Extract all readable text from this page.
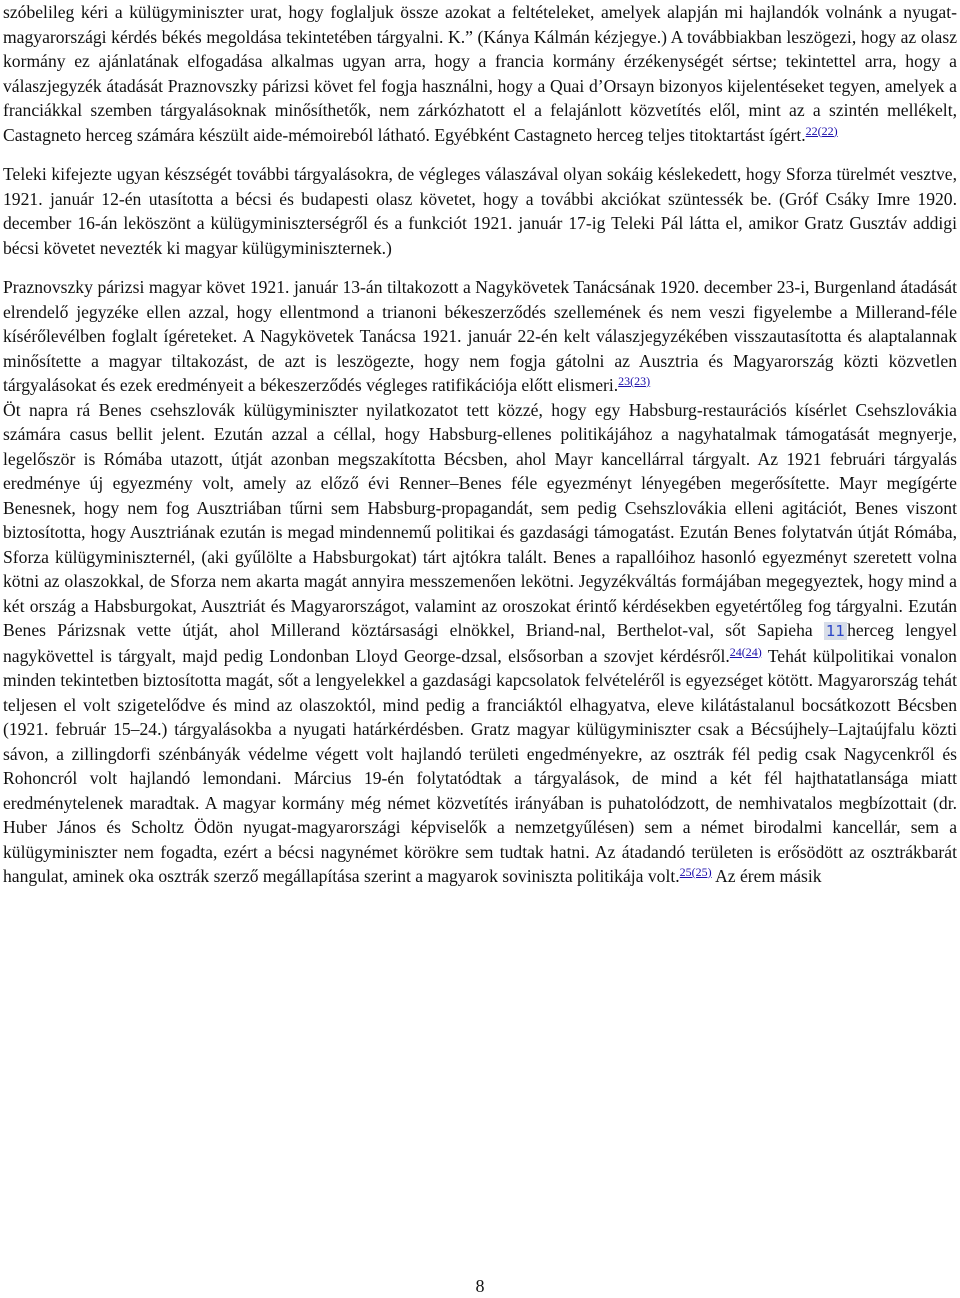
szóbelileg kéri a külügyminiszter urat, hogy foglaljuk össze azokat a feltételeket, amelyek alapján mi hajlandók volnánk a nyugat-magyarországi kérdés békés megoldása tekintetében tárgyalni. K.” (Kánya Kálmán kézjegye.) A továbbiakban leszögezi, hogy az olasz kormány ez ajánlatának elfogadása alkalmas ugyan arra, hogy a francia kormány érzékenységét sértse; tekintettel arra, hogy a válaszjegyzék átadását Praznovszky párizsi követ fel fogja használni, hogy a Quai d’Orsayn bizonyos kijelentéseket tegyen, amelyek a franciákkal szemben tárgyalásoknak minősíthetők, nem zárkózhatott el a felajánlott közvetítés elől, mint az a szintén mellékelt, Castagneto herceg számára készült aide-mémoireból látható. Egyébként Castagneto herceg teljes titoktartást ígért.$^{22(22)}$

Teleki kifejezte ugyan készségét további tárgyalásokra, de végleges válaszával olyan sokáig késlekedett, hogy Sforza türelmét vesztve, 1921. január 12-én utasította a bécsi és budapesti olasz követet, hogy a további akciókat szüntessék be. (Gróf Csáky Imre 1920. december 16-án leköszönt a külügyminiszterségről és a funkciót 1921. január 17-ig Teleki Pál látta el, amikor Gratz Gusztáv addigi bécsi követet nevezték ki magyar külügyminiszternek.)

Praznovszky párizsi magyar követ 1921. január 13-án tiltakozott a Nagykövetek Tanácsának 1920. december 23-i, Burgenland átadását elrendelő jegyzéke ellen azzal, hogy ellentmond a trianoni békeszerződés szellemének és nem veszi figyelembe a Millerand-féle kísérőlevélben foglalt ígéreteket. A Nagykövetek Tanácsa 1921. január 22-én kelt válaszjegyzékében visszautasította és alaptalannak minősítette a magyar tiltakozást, de azt is leszögezte, hogy nem fogja gátolni az Ausztria és Magyarország közti közvetlen tárgyalásokat és ezek eredményeit a békeszerződés végleges ratifikációja előtt elismeri.$^{23(23)}$

Öt napra rá Benes csehszlovák külügyminiszter nyilatkozatot tett közzé, hogy egy Habsburg-restaurációs kísérlet Csehszlovákia számára casus bellit jelent. Ezután azzal a céllal, hogy Habsburg-ellenes politikájához a nagyhatalmak támogatását megnyerje, legelőször is Rómába utazott, útját azonban megszakította Bécsben, ahol Mayr kancellárral tárgyalt. Az 1921 februári tárgyalás eredménye új egyezmény volt, amely az előző évi Renner–Benes féle egyezményt lényegében megerősítette. Mayr megígérte Benesnek, hogy nem fog Ausztriában tűrni sem Habsburg-propagandát, sem pedig Csehszlovákia elleni agitációt, Benes viszont biztosította, hogy Ausztriának ezután is megad mindennemű politikai és gazdasági támogatást. Ezután Benes folytatván útját Rómába, Sforza külügyminiszternél, (aki gyűlölte a Habsburgokat) tárt ajtókra talált. Benes a rapallóihoz hasonló egyezményt szeretett volna kötni az olaszokkal, de Sforza nem akarta magát annyira messzemenően lekötni. Jegyzékváltás formájában megegyeztek, hogy mind a két ország a Habsburgokat, Ausztriát és Magyarországot, valamint az oroszokat érintő kérdésekben egyetértőleg fog tárgyalni. Ezután Benes Párizsnak vette útját, ahol Millerand köztársasági elnökkel, Briand-nal, Berthelot-val, sőt Sapieha 11 herceg lengyel nagykövettel is tárgyalt, majd pedig Londonban Lloyd George-dzsal, elsősorban a szovjet kérdésről.$^{24(24)}$ Tehát külpolitikai vonalon minden tekintetben biztosította magát, sőt a lengyelekkel a gazdasági kapcsolatok felvételéről is egyezséget kötött. Magyarország tehát teljesen el volt szigetelődve és mind az olaszoktól, mind pedig a franciáktól elhagyatva, eleve kilátástalanul bocsátkozott Bécsben (1921. február 15–24.) tárgyalásokba a nyugati határkérdésben. Gratz magyar külügyminiszter csak a Bécsújhely–Lajtaújfalu közti sávon, a zillingdorfi szénbányák védelme végett volt hajlandó területi engedményekre, az osztrák fél pedig csak Nagycenkről és Rohoncról volt hajlandó lemondani. Március 19-én folytatódtak a tárgyalások, de mind a két fél hajthatatlansága miatt eredménytelenek maradtak. A magyar kormány még német közvetítés irányában is puhatolódzott, de nemhivatalos megbízottait (dr. Huber János és Scholtz Ödön nyugat-magyarországi képviselők a nemzetgyűlésen) sem a német birodalmi kancellár, sem a külügyminiszter nem fogadta, ezért a bécsi nagynémet körökre sem tudtak hatni. Az átadandó területen is erősödött az osztrákbarát hangulat, aminek oka osztrák szerző megállapítása szerint a magyarok soviniszta politikája volt.$^{25(25)}$ Az érem másik

8
